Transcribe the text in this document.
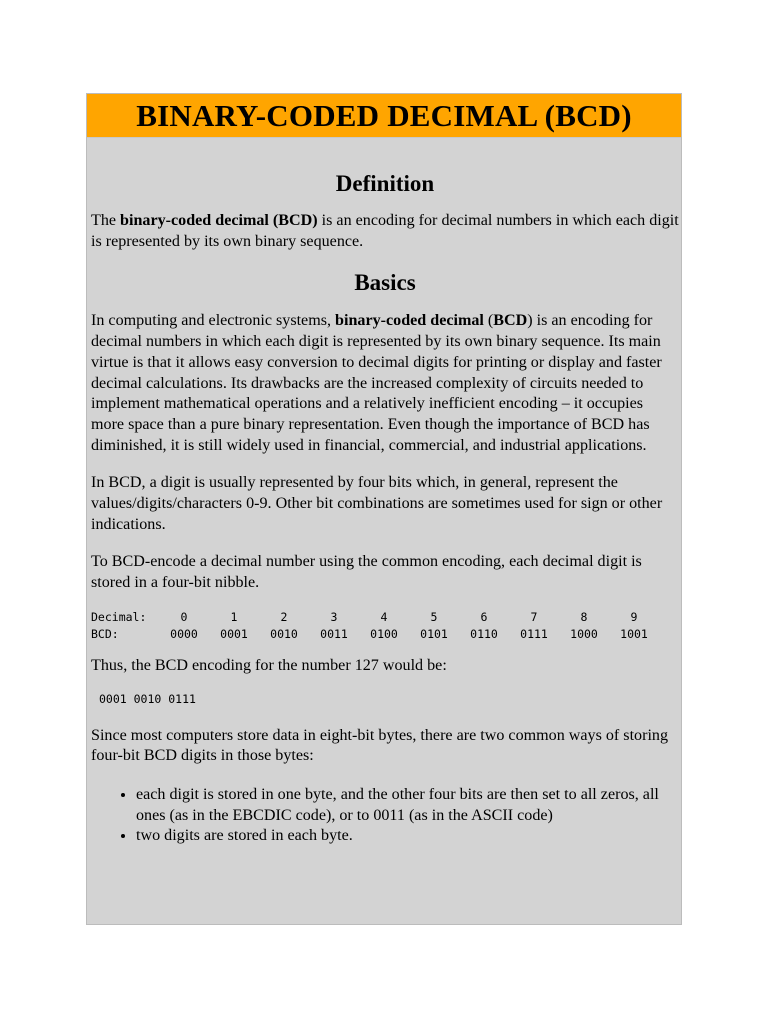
BINARY-CODED DECIMAL (BCD)
Definition

The binary-coded decimal (BCD) is an encoding for decimal numbers in which each digit is represented by its own binary sequence.

Basics

In computing and electronic systems, binary-coded decimal (BCD) is an encoding for decimal numbers in which each digit is represented by its own binary sequence. Its main virtue is that it allows easy conversion to decimal digits for printing or display and faster decimal calculations. Its drawbacks are the increased complexity of circuits needed to implement mathematical operations and a relatively inefficient encoding – it occupies more space than a pure binary representation. Even though the importance of BCD has diminished, it is still widely used in financial, commercial, and industrial applications.

In BCD, a digit is usually represented by four bits which, in general, represent the values/digits/characters 0-9. Other bit combinations are sometimes used for sign or other indications.

To BCD-encode a decimal number using the common encoding, each decimal digit is stored in a four-bit nibble.

Decimal:	0	1	2	3	4	5	6	7	8	9
BCD:	0000	0001	0010	0011	0100	0101	0110	0111	1000	1001

Thus, the BCD encoding for the number 127 would be:

0001 0010 0111

Since most computers store data in eight-bit bytes, there are two common ways of storing four-bit BCD digits in those bytes:

• each digit is stored in one byte, and the other four bits are then set to all zeros, all ones (as in the EBCDIC code), or to 0011 (as in the ASCII code)
• two digits are stored in each byte.
